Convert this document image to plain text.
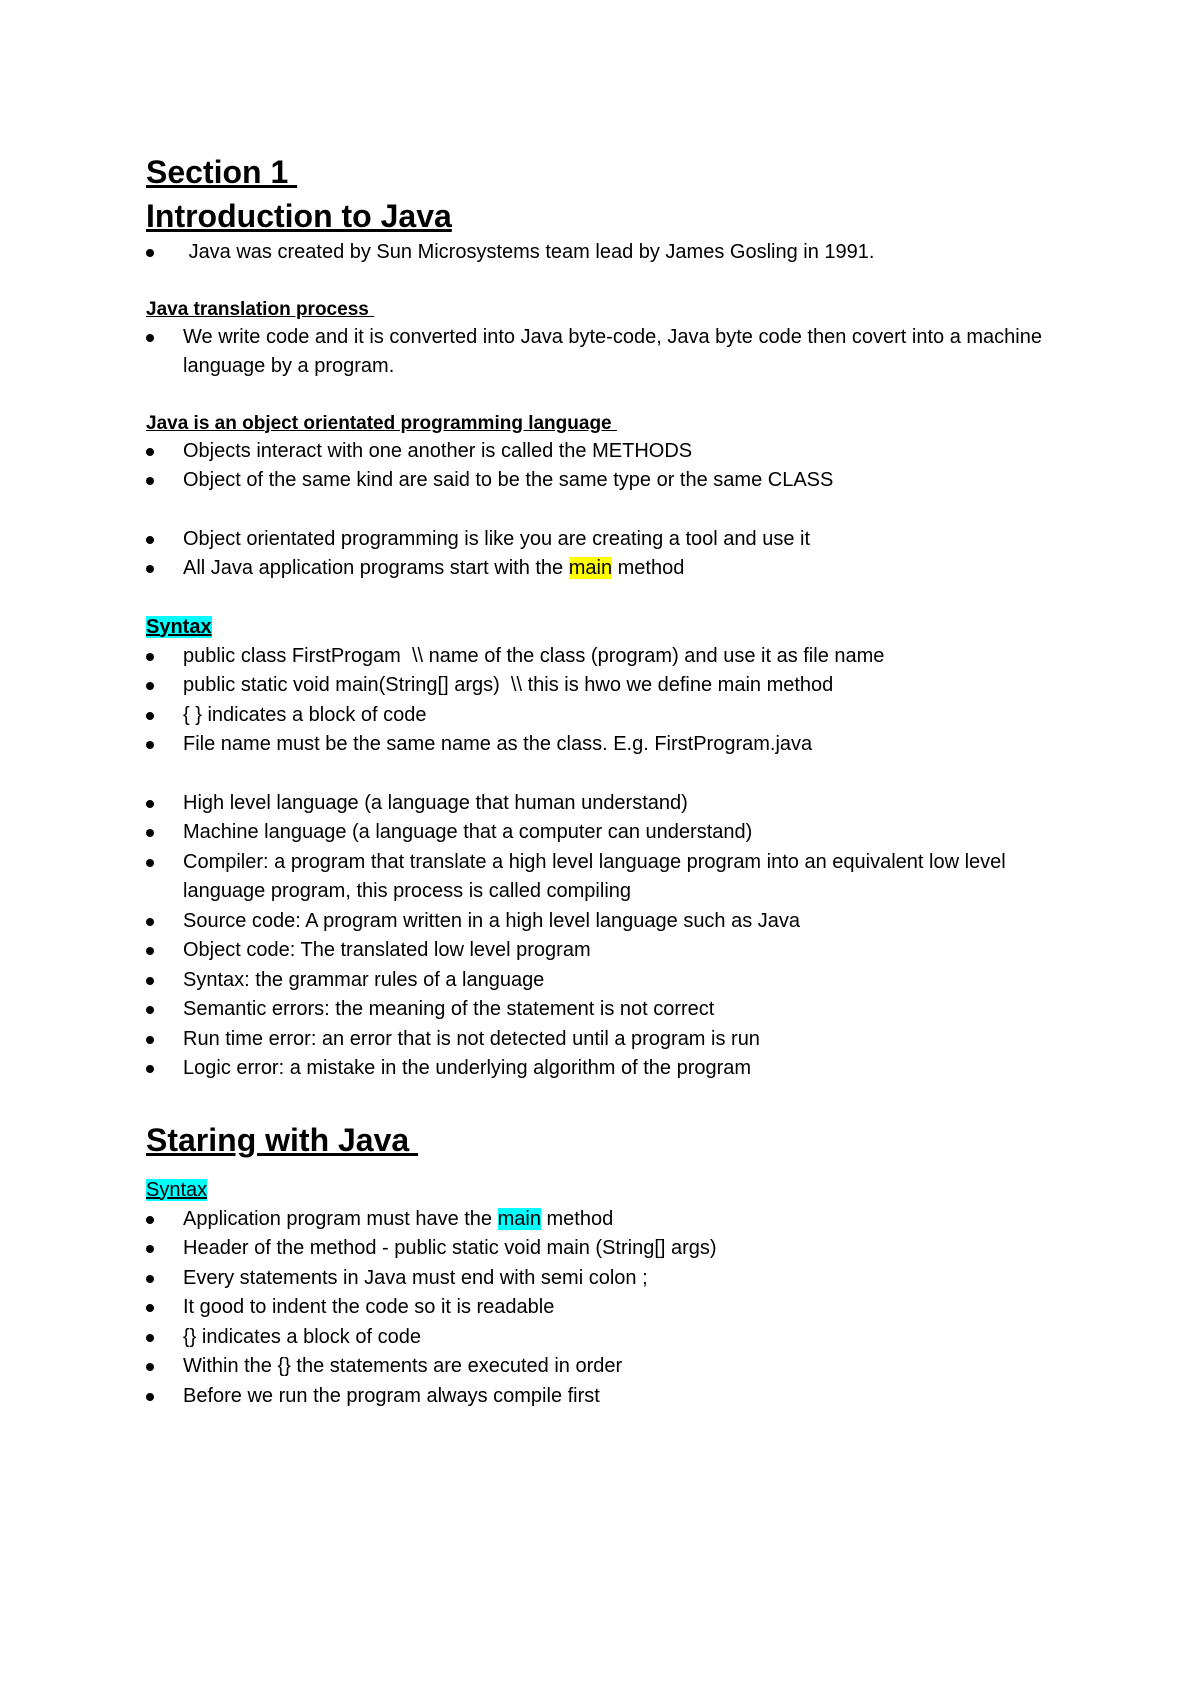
Section 1
Introduction to Java
Java was created by Sun Microsystems team lead by James Gosling in 1991.
Java translation process
We write code and it is converted into Java byte-code, Java byte code then covert into a machine language by a program.
Java is an object orientated programming language
Objects interact with one another is called the METHODS
Object of the same kind are said to be the same type or the same CLASS
Object orientated programming is like you are creating a tool and use it
All Java application programs start with the main method
Syntax
public class FirstProgam  \\ name of the class (program) and use it as file name
public static void main(String[] args)  \\ this is hwo we define main method
{ } indicates a block of code
File name must be the same name as the class. E.g. FirstProgram.java
High level language (a language that human understand)
Machine language (a language that a computer can understand)
Compiler: a program that translate a high level language program into an equivalent low level language program, this process is called compiling
Source code: A program written in a high level language such as Java
Object code: The translated low level program
Syntax: the grammar rules of a language
Semantic errors: the meaning of the statement is not correct
Run time error: an error that is not detected until a program is run
Logic error: a mistake in the underlying algorithm of the program
Staring with Java
Syntax
Application program must have the main method
Header of the method - public static void main (String[] args)
Every statements in Java must end with semi colon ;
It good to indent the code so it is readable
{} indicates a block of code
Within the {} the statements are executed in order
Before we run the program always compile first
